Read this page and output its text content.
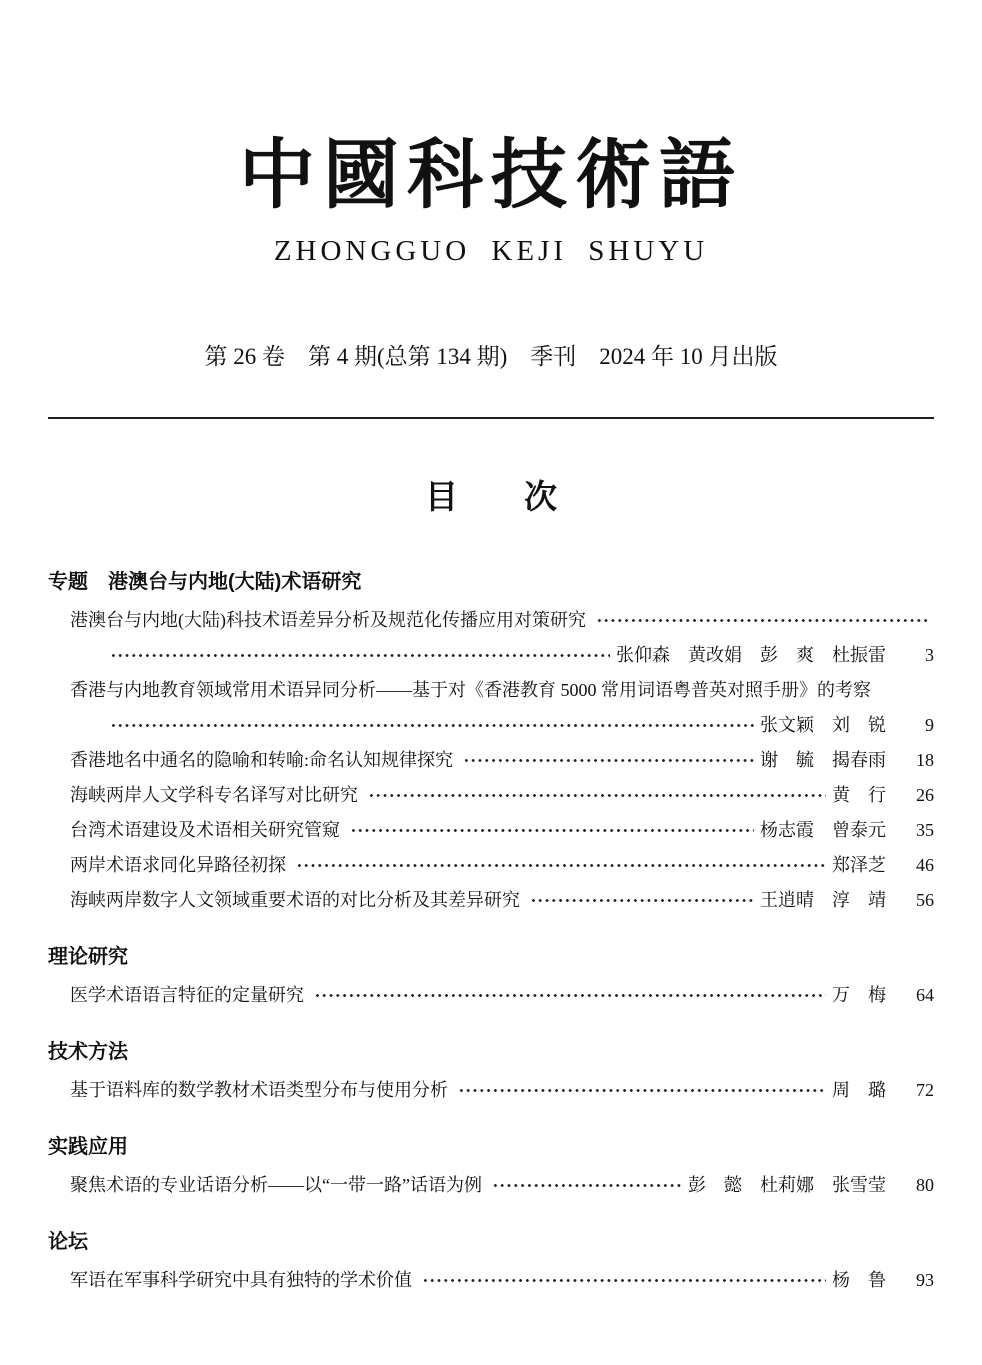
中國科技術語
ZHONGGUO KEJI SHUYU
第 26 卷　第 4 期(总第 134 期)　季刊　2024 年 10 月出版
目　　次
专题　港澳台与内地(大陆)术语研究
港澳台与内地(大陆)科技术语差异分析及规范化传播应用对策研究
张仰森　黄改娟　彭　爽　杜振雷	3
香港与内地教育领域常用术语异同分析——基于对《香港教育 5000 常用词语粤普英对照手册》的考察
张文颖　刘　锐	9
香港地名中通名的隐喻和转喻:命名认知规律探究	谢　毓　揭春雨	18
海峡两岸人文学科专名译写对比研究	黄　行	26
台湾术语建设及术语相关研究管窥	杨志霞　曾泰元	35
两岸术语求同化异路径初探	郑泽芝	46
海峡两岸数字人文领域重要术语的对比分析及其差异研究	王逍晴　淳　靖	56
理论研究
医学术语语言特征的定量研究	万　梅	64
技术方法
基于语料库的数学教材术语类型分布与使用分析	周　璐	72
实践应用
聚焦术语的专业话语分析——以“一带一路”话语为例	彭　懿　杜莉娜　张雪莹	80
论坛
军语在军事科学研究中具有独特的学术价值	杨　鲁	93
